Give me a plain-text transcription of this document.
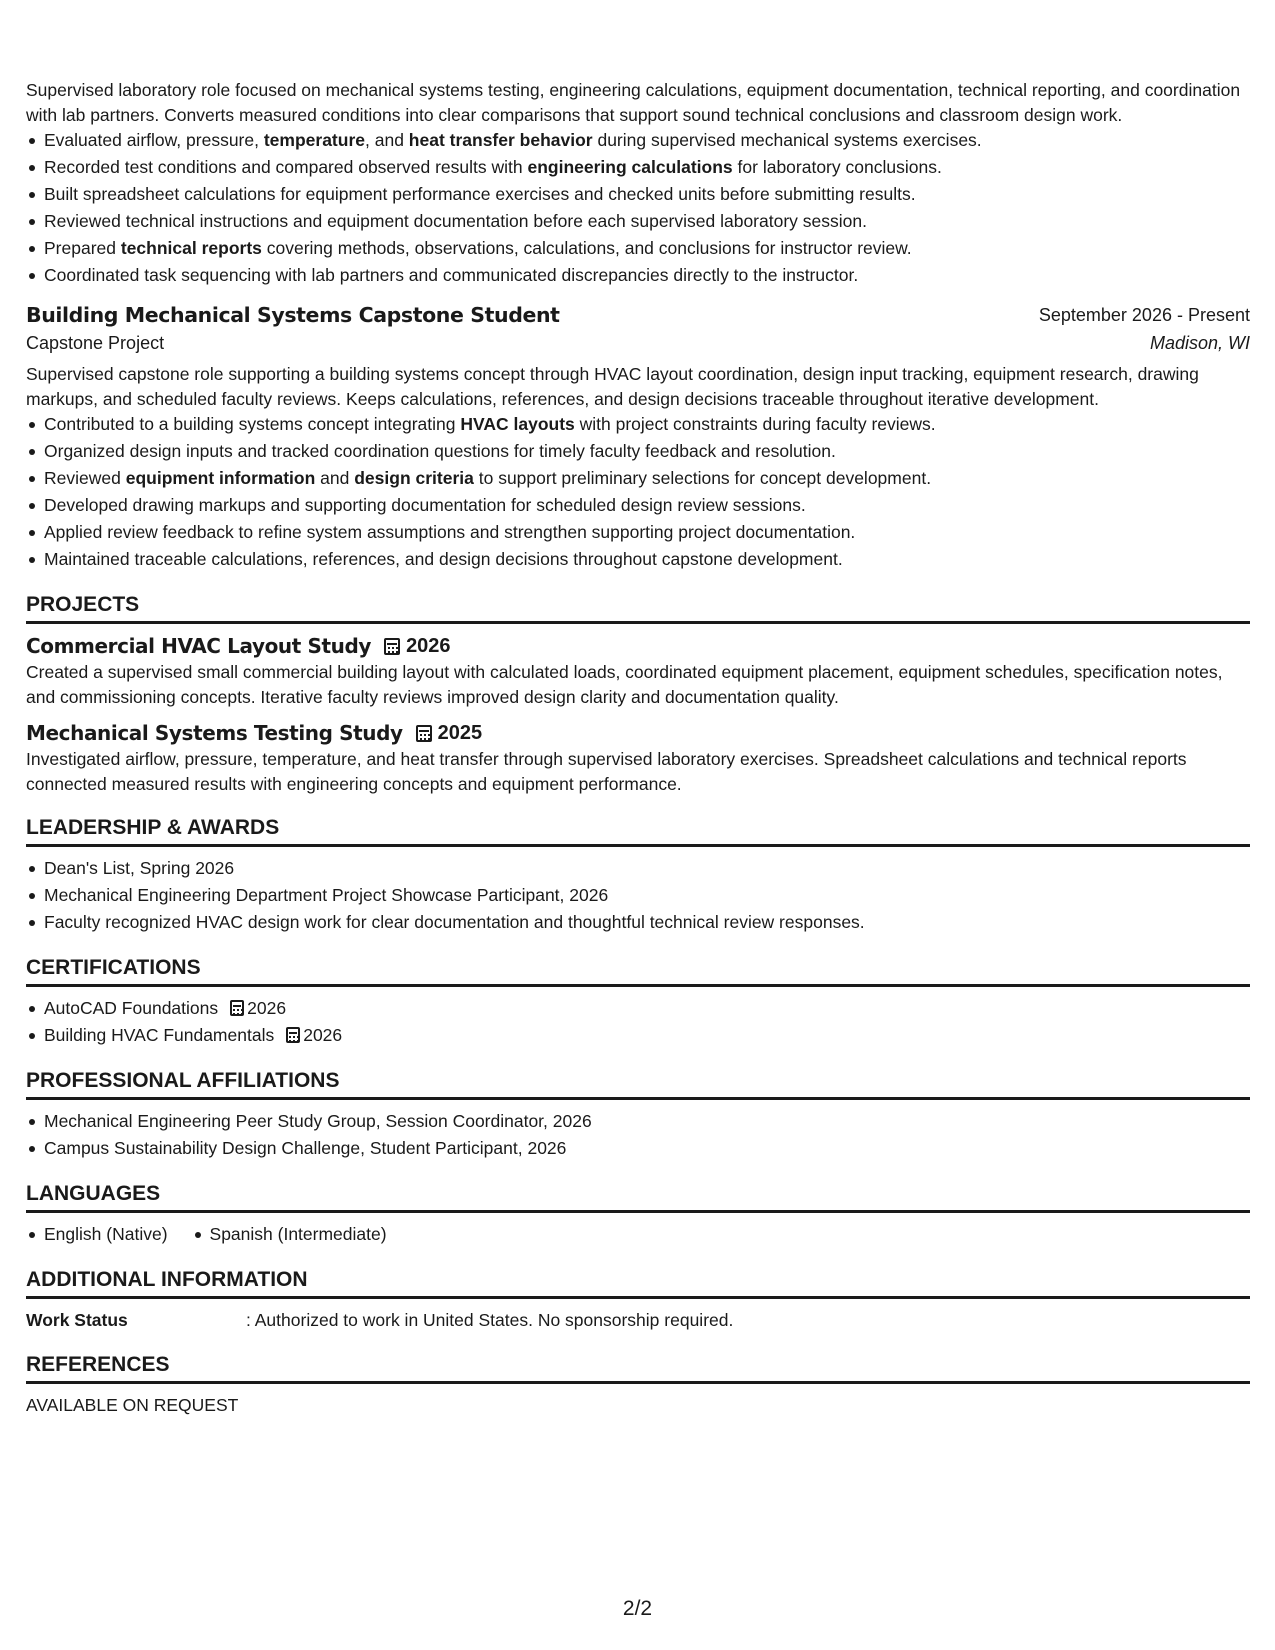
Supervised laboratory role focused on mechanical systems testing, engineering calculations, equipment documentation, technical reporting, and coordination with lab partners. Converts measured conditions into clear comparisons that support sound technical conclusions and classroom design work.

Evaluated airflow, pressure, temperature, and heat transfer behavior during supervised mechanical systems exercises.
Recorded test conditions and compared observed results with engineering calculations for laboratory conclusions.
Built spreadsheet calculations for equipment performance exercises and checked units before submitting results.
Reviewed technical instructions and equipment documentation before each supervised laboratory session.
Prepared technical reports covering methods, observations, calculations, and conclusions for instructor review.
Coordinated task sequencing with lab partners and communicated discrepancies directly to the instructor.
Building Mechanical Systems Capstone Student	September 2026 - Present
Capstone Project	Madison, WI

Supervised capstone role supporting a building systems concept through HVAC layout coordination, design input tracking, equipment research, drawing markups, and scheduled faculty reviews. Keeps calculations, references, and design decisions traceable throughout iterative development.

Contributed to a building systems concept integrating HVAC layouts with project constraints during faculty reviews.
Organized design inputs and tracked coordination questions for timely faculty feedback and resolution.
Reviewed equipment information and design criteria to support preliminary selections for concept development.
Developed drawing markups and supporting documentation for scheduled design review sessions.
Applied review feedback to refine system assumptions and strengthen supporting project documentation.
Maintained traceable calculations, references, and design decisions throughout capstone development.
PROJECTS
Commercial HVAC Layout Study 2026

Created a supervised small commercial building layout with calculated loads, coordinated equipment placement, equipment schedules, specification notes, and commissioning concepts. Iterative faculty reviews improved design clarity and documentation quality.

Mechanical Systems Testing Study 2025

Investigated airflow, pressure, temperature, and heat transfer through supervised laboratory exercises. Spreadsheet calculations and technical reports connected measured results with engineering concepts and equipment performance.

LEADERSHIP & AWARDS
Dean's List, Spring 2026
Mechanical Engineering Department Project Showcase Participant, 2026
Faculty recognized HVAC design work for clear documentation and thoughtful technical review responses.
CERTIFICATIONS
AutoCAD Foundations 2026
Building HVAC Fundamentals 2026
PROFESSIONAL AFFILIATIONS
Mechanical Engineering Peer Study Group, Session Coordinator, 2026
Campus Sustainability Design Challenge, Student Participant, 2026
LANGUAGES
English (Native)	Spanish (Intermediate)
ADDITIONAL INFORMATION
Work Status	: Authorized to work in United States. No sponsorship required.
REFERENCES
AVAILABLE ON REQUEST
2/2
